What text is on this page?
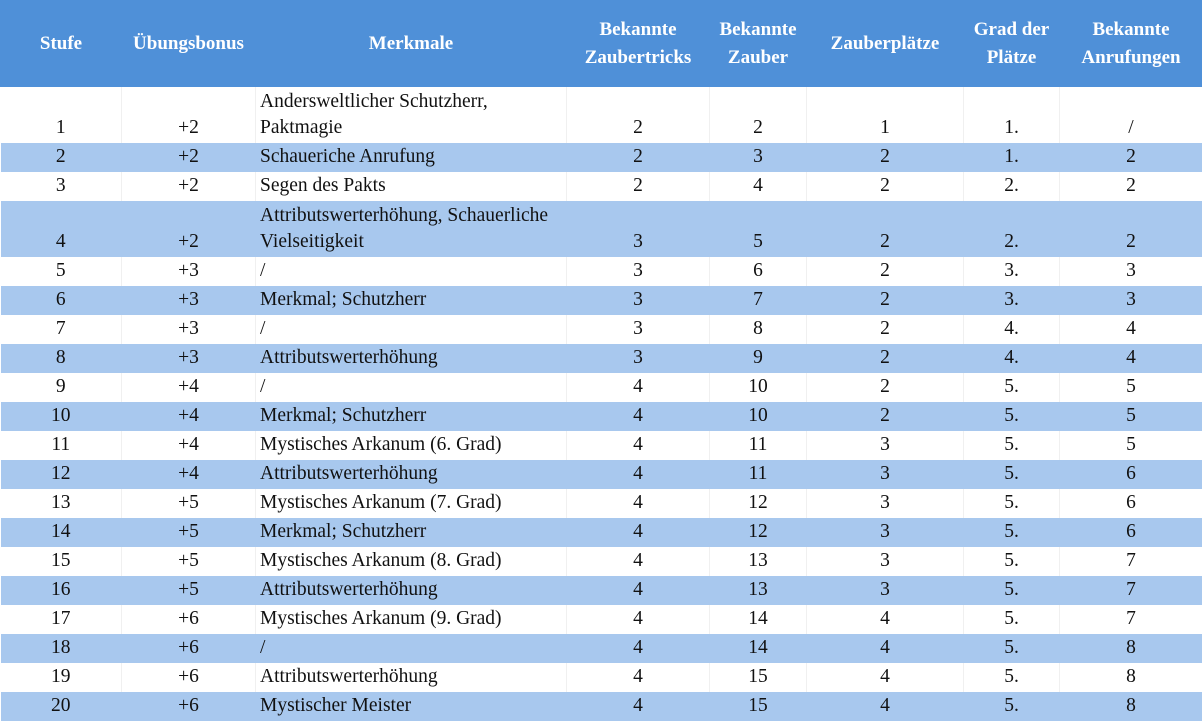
Stufe	Übungsbonus	Merkmale	Bekannte Zaubertricks	Bekannte Zauber	Zauberplätze	Grad der Plätze	Bekannte Anrufungen
1	+2	Andersweltlicher Schutzherr, Paktmagie	2	2	1	1.	/
2	+2	Schaueriche Anrufung	2	3	2	1.	2
3	+2	Segen des Pakts	2	4	2	2.	2
4	+2	Attributswerterhöhung, Schauerliche Vielseitigkeit	3	5	2	2.	2
5	+3	/	3	6	2	3.	3
6	+3	Merkmal; Schutzherr	3	7	2	3.	3
7	+3	/	3	8	2	4.	4
8	+3	Attributswerterhöhung	3	9	2	4.	4
9	+4	/	4	10	2	5.	5
10	+4	Merkmal; Schutzherr	4	10	2	5.	5
11	+4	Mystisches Arkanum (6. Grad)	4	11	3	5.	5
12	+4	Attributswerterhöhung	4	11	3	5.	6
13	+5	Mystisches Arkanum (7. Grad)	4	12	3	5.	6
14	+5	Merkmal; Schutzherr	4	12	3	5.	6
15	+5	Mystisches Arkanum (8. Grad)	4	13	3	5.	7
16	+5	Attributswerterhöhung	4	13	3	5.	7
17	+6	Mystisches Arkanum (9. Grad)	4	14	4	5.	7
18	+6	/	4	14	4	5.	8
19	+6	Attributswerterhöhung	4	15	4	5.	8
20	+6	Mystischer Meister	4	15	4	5.	8
